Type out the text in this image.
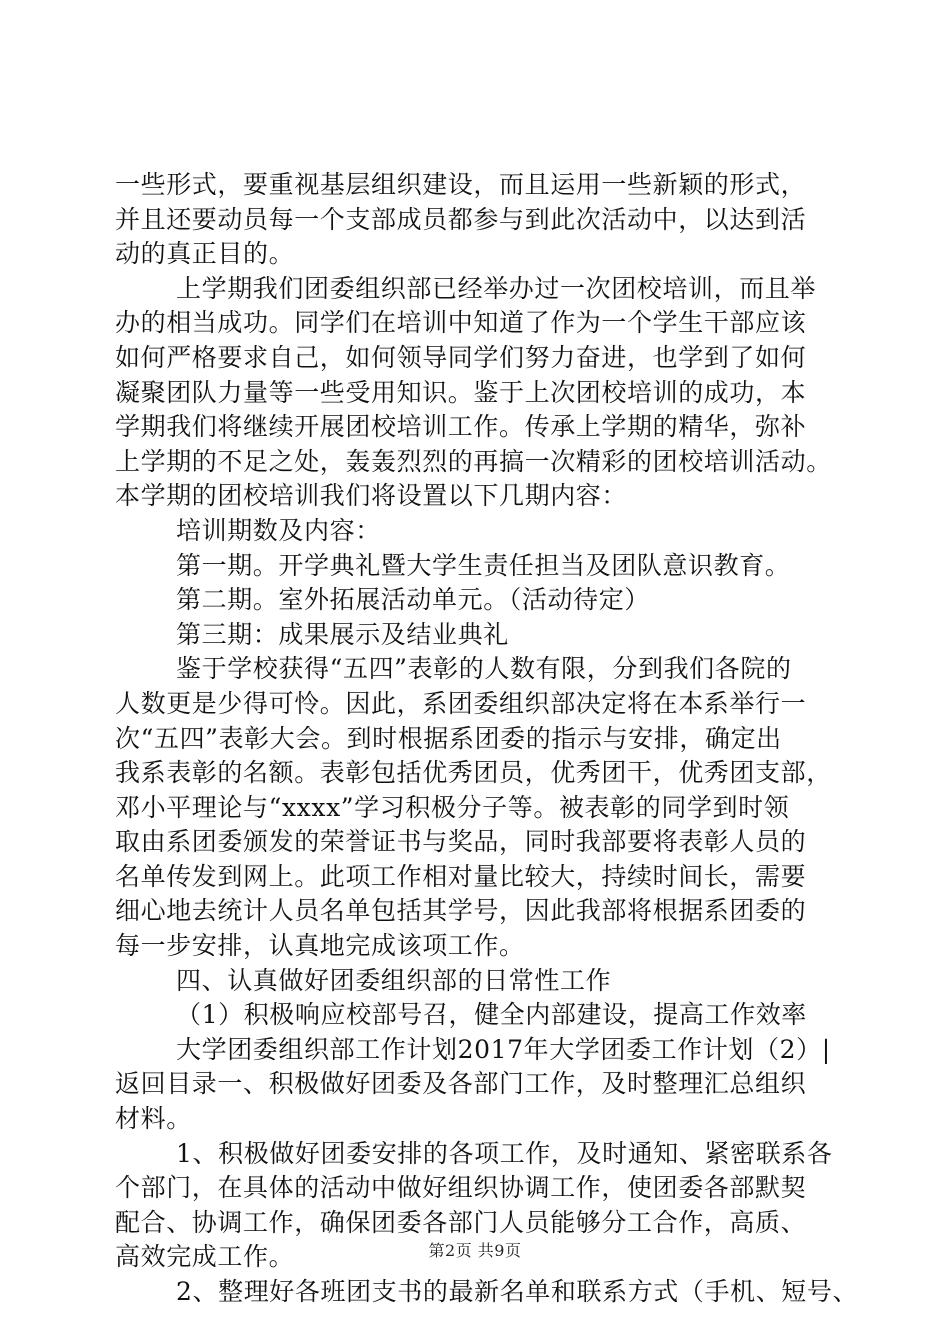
一些形式，要重视基层组织建设，而且运用一些新颖的形式，
并且还要动员每一个支部成员都参与到此次活动中，以达到活
动的真正目的。
上学期我们团委组织部已经举办过一次团校培训，而且举
办的相当成功。同学们在培训中知道了作为一个学生干部应该
如何严格要求自己，如何领导同学们努力奋进，也学到了如何
凝聚团队力量等一些受用知识。鉴于上次团校培训的成功，本
学期我们将继续开展团校培训工作。传承上学期的精华，弥补
上学期的不足之处，轰轰烈烈的再搞一次精彩的团校培训活动。
本学期的团校培训我们将设置以下几期内容：
培训期数及内容：
第一期。开学典礼暨大学生责任担当及团队意识教育。
第二期。室外拓展活动单元。（活动待定）
第三期：成果展示及结业典礼
鉴于学校获得“五四”表彰的人数有限，分到我们各院的
人数更是少得可怜。因此，系团委组织部决定将在本系举行一
次“五四”表彰大会。到时根据系团委的指示与安排，确定出
我系表彰的名额。表彰包括优秀团员，优秀团干，优秀团支部，
邓小平理论与“xxxx”学习积极分子等。被表彰的同学到时领
取由系团委颁发的荣誉证书与奖品，同时我部要将表彰人员的
名单传发到网上。此项工作相对量比较大，持续时间长，需要
细心地去统计人员名单包括其学号，因此我部将根据系团委的
每一步安排，认真地完成该项工作。
四、认真做好团委组织部的日常性工作
（1）积极响应校部号召，健全内部建设，提高工作效率
大学团委组织部工作计划2017年大学团委工作计划（2）|
返回目录一、积极做好团委及各部门工作，及时整理汇总组织
材料。
1、积极做好团委安排的各项工作，及时通知、紧密联系各
个部门，在具体的活动中做好组织协调工作，使团委各部默契
配合、协调工作，确保团委各部门人员能够分工合作，高质、
高效完成工作。
2、整理好各班团支书的最新名单和联系方式（手机、短号、
第2页 共9页
